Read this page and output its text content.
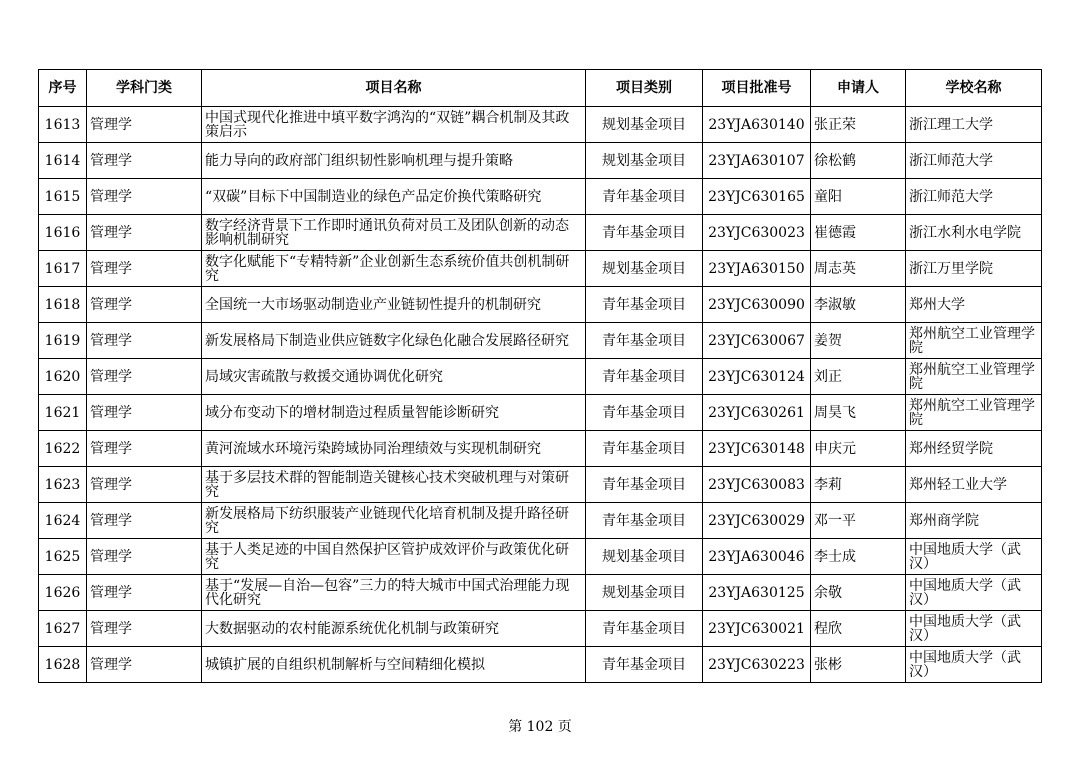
序号	学科门类	项目名称	项目类别	项目批准号	申请人	学校名称
1613	管理学	中国式现代化推进中填平数字鸿沟的“双链”耦合机制及其政策启示	规划基金项目	23YJA630140	张正荣	浙江理工大学
1614	管理学	能力导向的政府部门组织韧性影响机理与提升策略	规划基金项目	23YJA630107	徐松鹤	浙江师范大学
1615	管理学	“双碳”目标下中国制造业的绿色产品定价换代策略研究	青年基金项目	23YJC630165	童阳	浙江师范大学
1616	管理学	数字经济背景下工作即时通讯负荷对员工及团队创新的动态影响机制研究	青年基金项目	23YJC630023	崔德霞	浙江水利水电学院
1617	管理学	数字化赋能下“专精特新”企业创新生态系统价值共创机制研究	规划基金项目	23YJA630150	周志英	浙江万里学院
1618	管理学	全国统一大市场驱动制造业产业链韧性提升的机制研究	青年基金项目	23YJC630090	李淑敏	郑州大学
1619	管理学	新发展格局下制造业供应链数字化绿色化融合发展路径研究	青年基金项目	23YJC630067	姜贺	郑州航空工业管理学院
1620	管理学	局域灾害疏散与救援交通协调优化研究	青年基金项目	23YJC630124	刘正	郑州航空工业管理学院
1621	管理学	域分布变动下的增材制造过程质量智能诊断研究	青年基金项目	23YJC630261	周昊飞	郑州航空工业管理学院
1622	管理学	黄河流域水环境污染跨域协同治理绩效与实现机制研究	青年基金项目	23YJC630148	申庆元	郑州经贸学院
1623	管理学	基于多层技术群的智能制造关键核心技术突破机理与对策研究	青年基金项目	23YJC630083	李莉	郑州轻工业大学
1624	管理学	新发展格局下纺织服装产业链现代化培育机制及提升路径研究	青年基金项目	23YJC630029	邓一平	郑州商学院
1625	管理学	基于人类足迹的中国自然保护区管护成效评价与政策优化研究	规划基金项目	23YJA630046	李士成	中国地质大学（武汉）
1626	管理学	基于“发展—自治—包容”三力的特大城市中国式治理能力现代化研究	规划基金项目	23YJA630125	余敬	中国地质大学（武汉）
1627	管理学	大数据驱动的农村能源系统优化机制与政策研究	青年基金项目	23YJC630021	程欣	中国地质大学（武汉）
1628	管理学	城镇扩展的自组织机制解析与空间精细化模拟	青年基金项目	23YJC630223	张彬	中国地质大学（武汉）
第 102 页
